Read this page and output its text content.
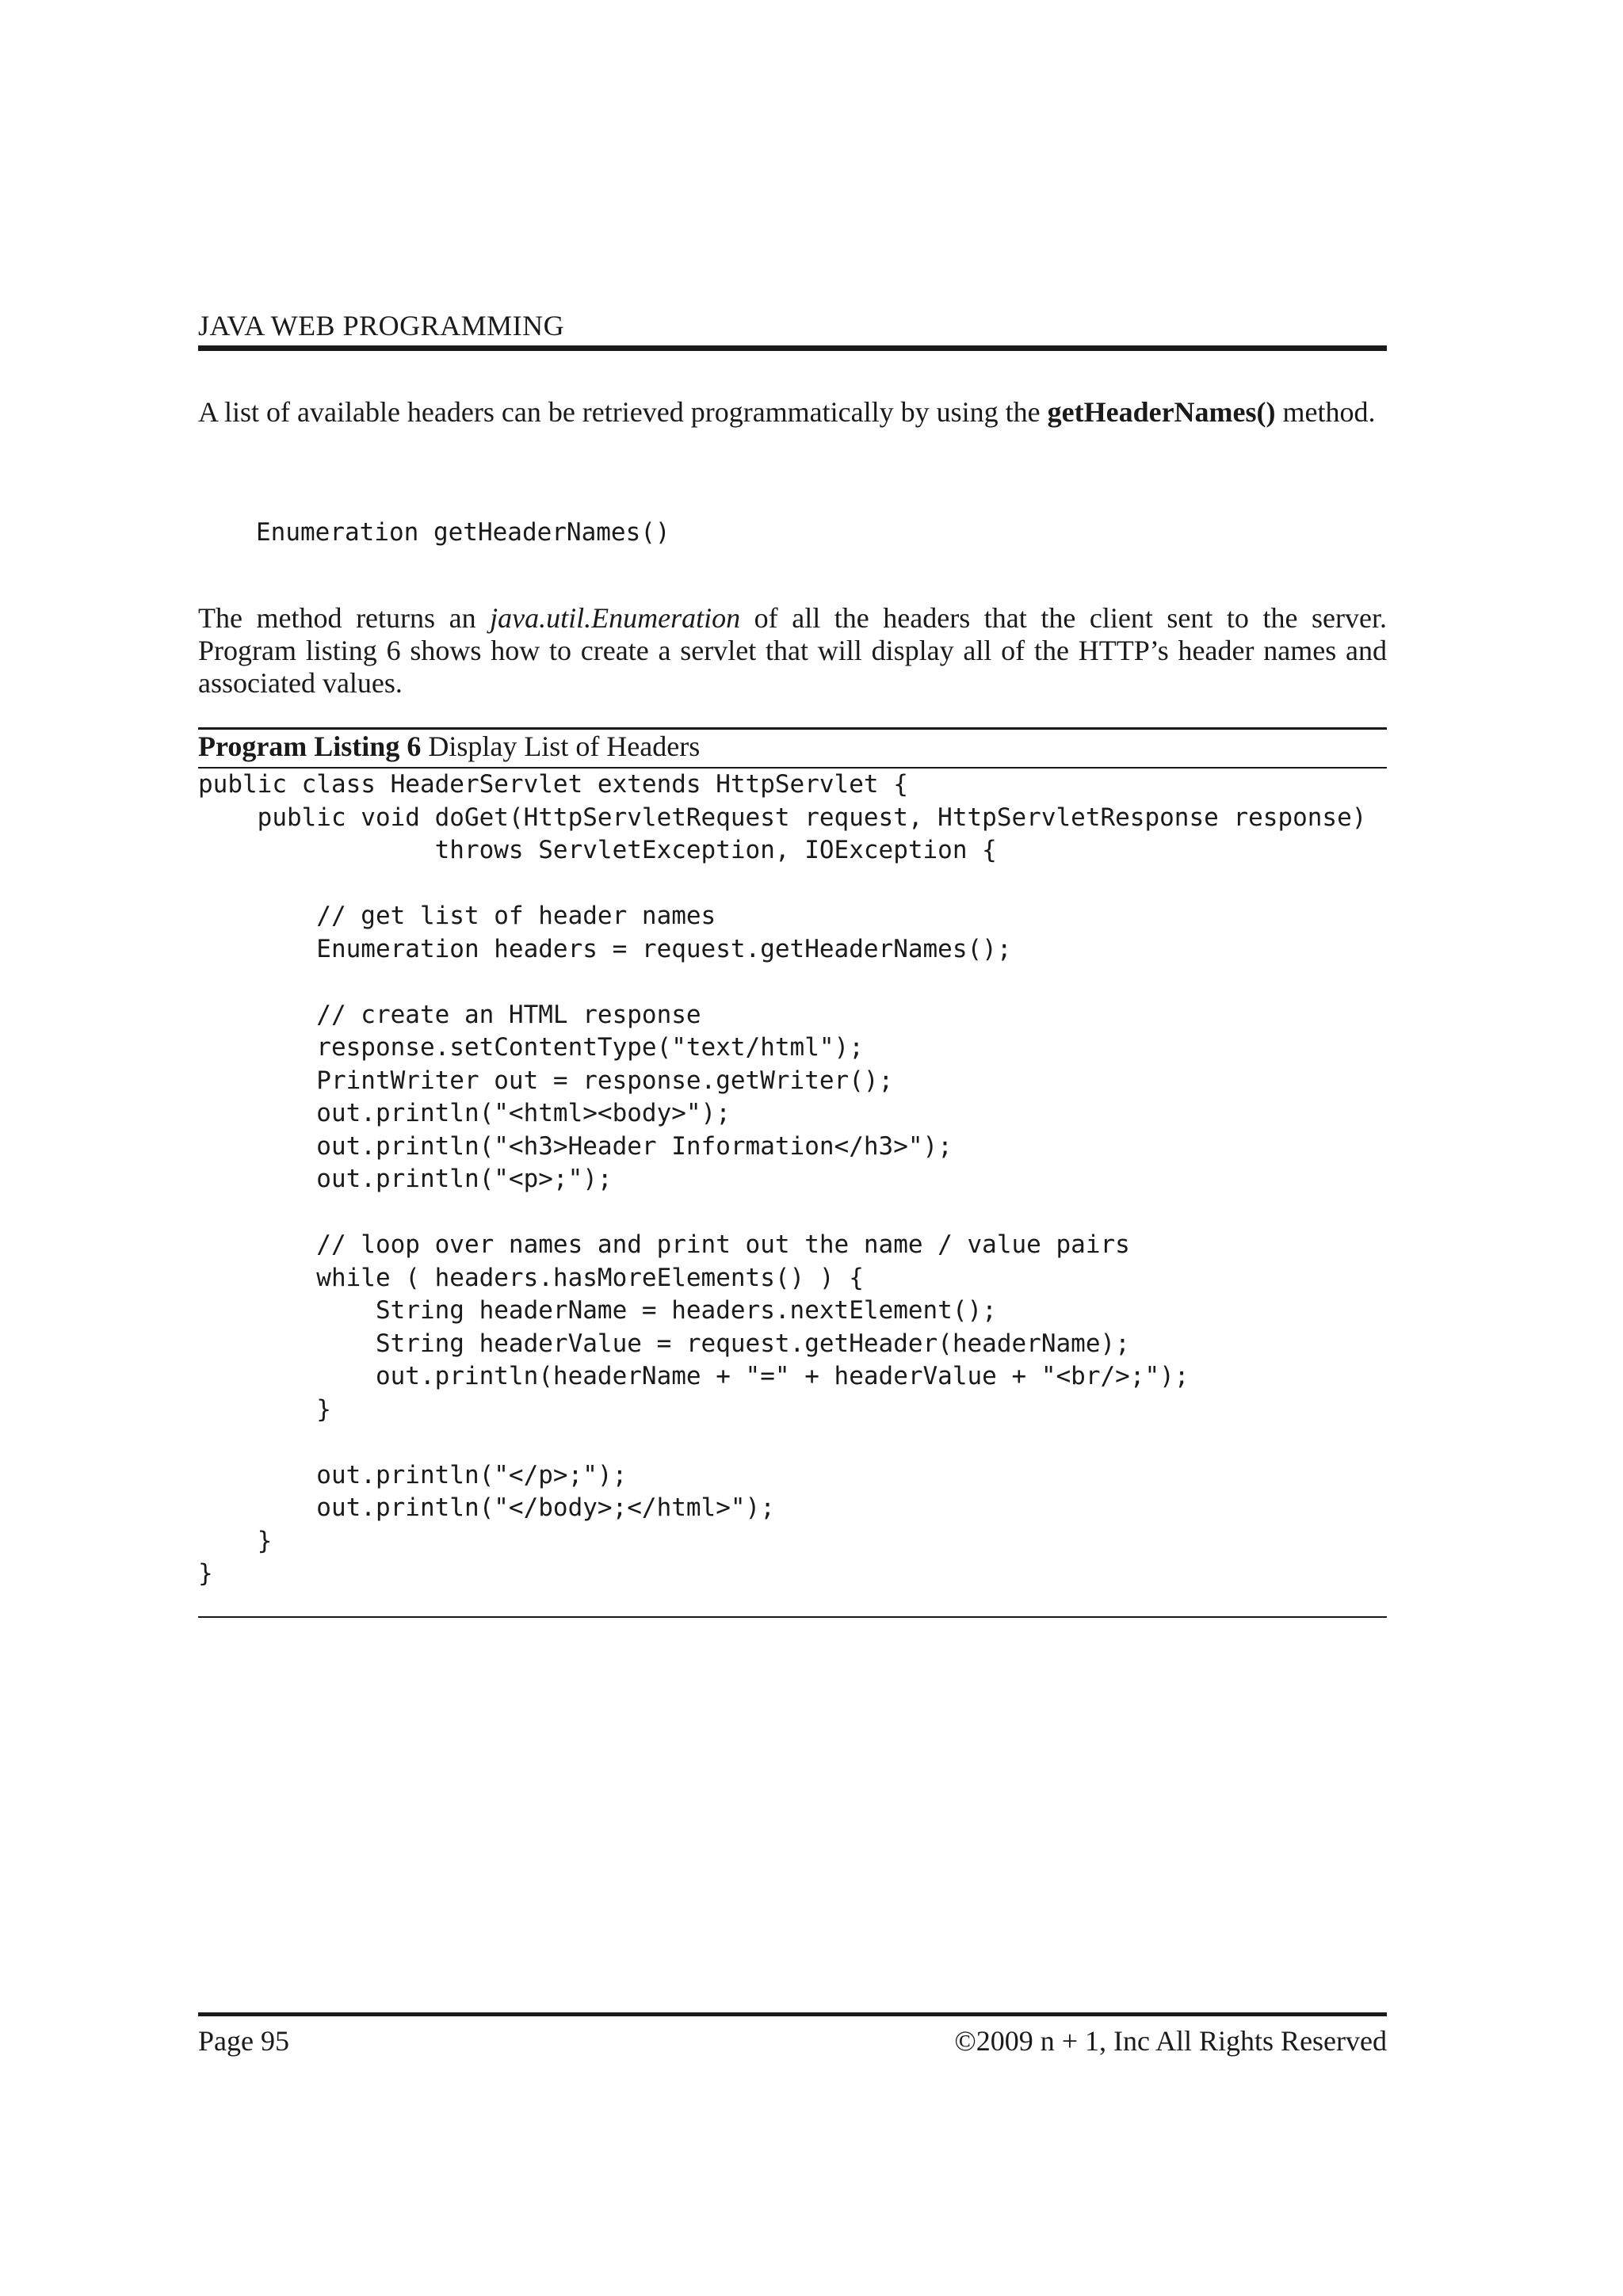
JAVA WEB PROGRAMMING

A list of available headers can be retrieved programmatically by using the getHeaderNames() method.

Enumeration getHeaderNames()

The method returns an java.util.Enumeration of all the headers that the client sent to the server. Program listing 6 shows how to create a servlet that will display all of the HTTP’s header names and associated values.

Program Listing 6 Display List of Headers
public class HeaderServlet extends HttpServlet {
public void doGet(HttpServletRequest request, HttpServletResponse response)
throws ServletException, IOException {
// get list of header names
Enumeration headers = request.getHeaderNames();
// create an HTML response
response.setContentType("text/html");
PrintWriter out = response.getWriter();
out.println("<html><body>");
out.println("<h3>Header Information</h3>");
out.println("<p>;");
// loop over names and print out the name / value pairs
while ( headers.hasMoreElements() ) {
String headerName = headers.nextElement();
String headerValue = request.getHeader(headerName);
out.println(headerName + "=" + headerValue + "<br/>;");
}
out.println("</p>;");
out.println("</body>;</html>");
}
}
Page 95	©2009 n + 1, Inc All Rights Reserved
